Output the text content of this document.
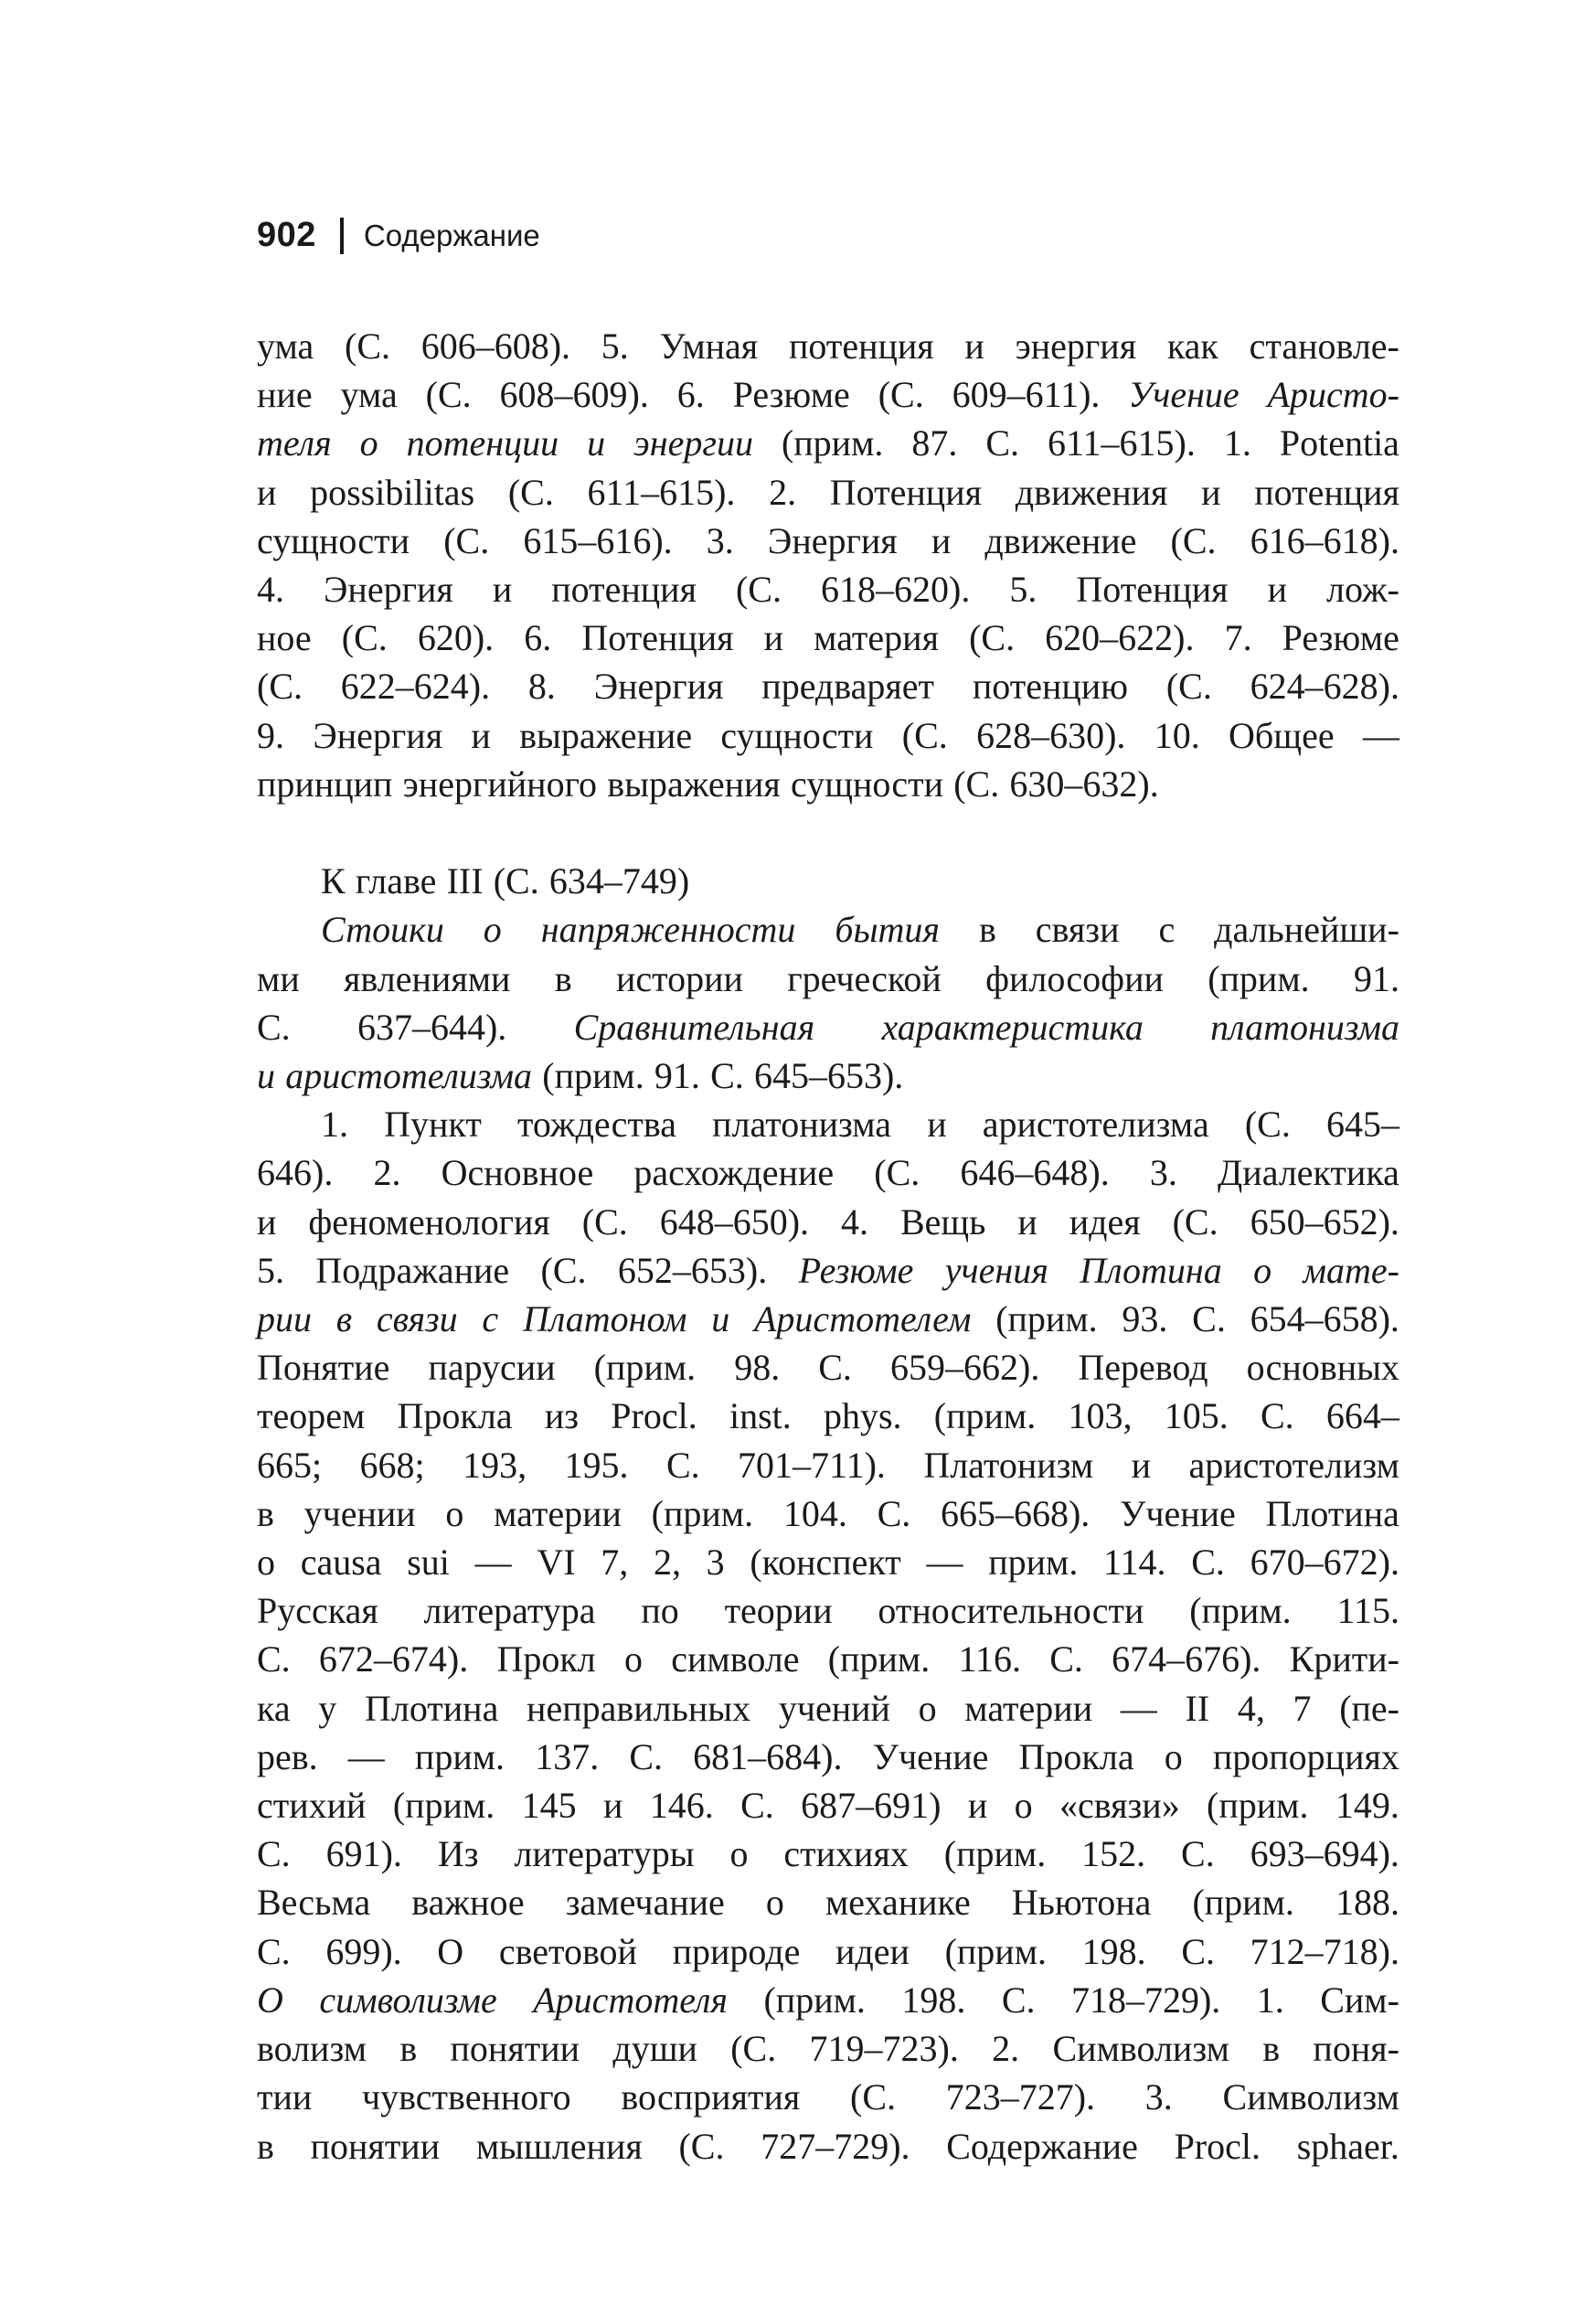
902 Содержание
ума (С. 606–608). 5. Умная потенция и энергия как становле-
ние ума (С. 608–609). 6. Резюме (С. 609–611). Учение Аристо-
теля о потенции и энергии (прим. 87. С. 611–615). 1. Potentia
и possibilitas (С. 611–615). 2. Потенция движения и потенция
сущности (С. 615–616). 3. Энергия и движение (С. 616–618).
4. Энергия и потенция (С. 618–620). 5. Потенция и лож-
ное (С. 620). 6. Потенция и материя (С. 620–622). 7. Резюме
(С. 622–624). 8. Энергия предваряет потенцию (С. 624–628).
9. Энергия и выражение сущности (С. 628–630). 10. Общее —
принцип энергийного выражения сущности (С. 630–632).
К главе III (С. 634–749)
Стоики о напряженности бытия в связи с дальнейши-
ми явлениями в истории греческой философии (прим. 91.
С. 637–644). Сравнительная характеристика платонизма
и аристотелизма (прим. 91. С. 645–653).
1. Пункт тождества платонизма и аристотелизма (С. 645–
646). 2. Основное расхождение (С. 646–648). 3. Диалектика
и феноменология (С. 648–650). 4. Вещь и идея (С. 650–652).
5. Подражание (С. 652–653). Резюме учения Плотина о мате-
рии в связи с Платоном и Аристотелем (прим. 93. С. 654–658).
Понятие парусии (прим. 98. С. 659–662). Перевод основных
теорем Прокла из Procl. inst. phys. (прим. 103, 105. С. 664–
665; 668; 193, 195. С. 701–711). Платонизм и аристотелизм
в учении о материи (прим. 104. С. 665–668). Учение Плотина
о causa sui — VI 7, 2, 3 (конспект — прим. 114. С. 670–672).
Русская литература по теории относительности (прим. 115.
С. 672–674). Прокл о символе (прим. 116. С. 674–676). Крити-
ка у Плотина неправильных учений о материи — II 4, 7 (пе-
рев. — прим. 137. С. 681–684). Учение Прокла о пропорциях
стихий (прим. 145 и 146. С. 687–691) и о «связи» (прим. 149.
С. 691). Из литературы о стихиях (прим. 152. С. 693–694).
Весьма важное замечание о механике Ньютона (прим. 188.
С. 699). О световой природе идеи (прим. 198. С. 712–718).
О символизме Аристотеля (прим. 198. С. 718–729). 1. Сим-
волизм в понятии души (С. 719–723). 2. Символизм в поня-
тии чувственного восприятия (С. 723–727). 3. Символизм
в понятии мышления (С. 727–729). Содержание Procl. sphaer.
